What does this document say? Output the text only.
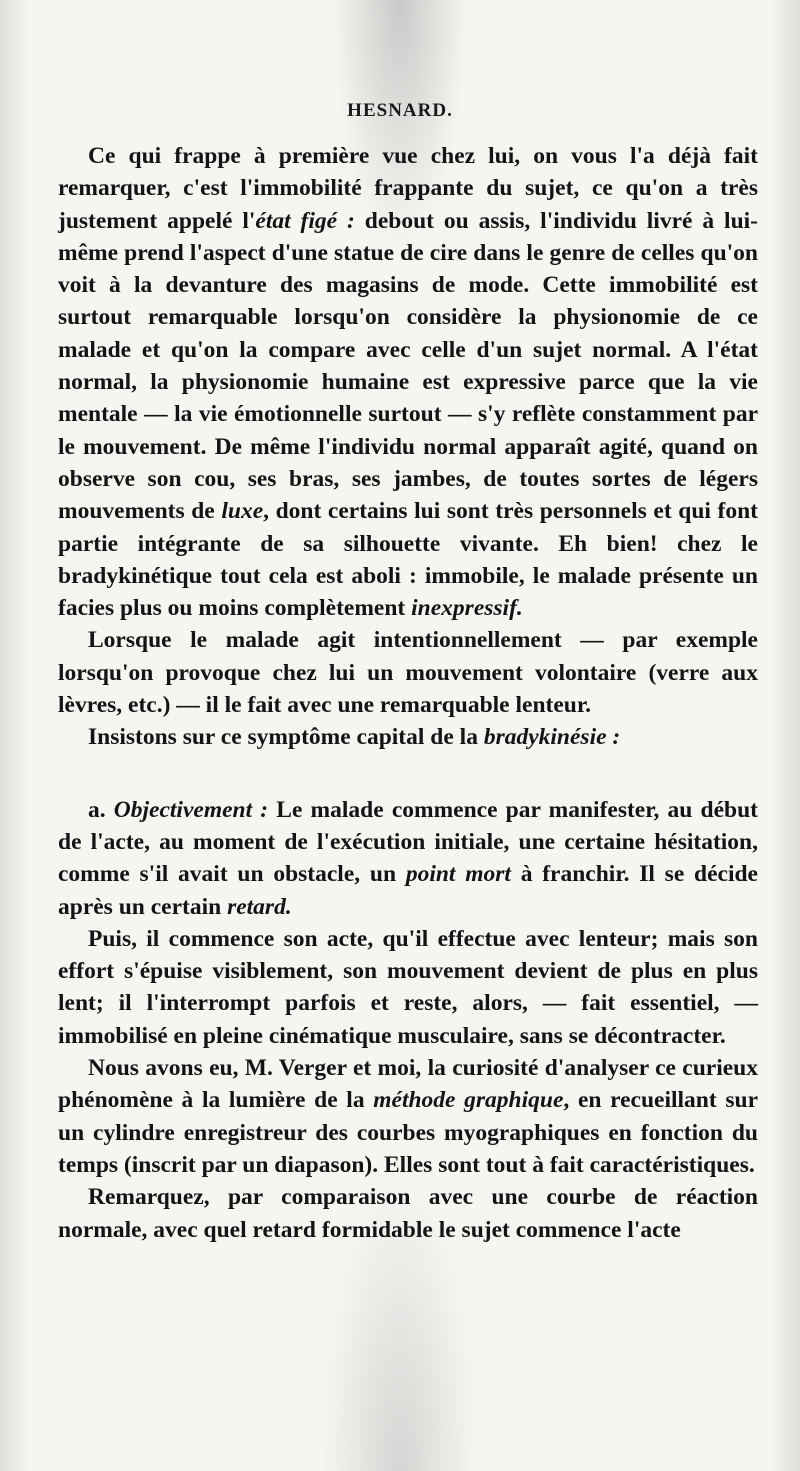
HESNARD.

Ce qui frappe à première vue chez lui, on vous l'a déjà fait remarquer, c'est l'immobilité frappante du sujet, ce qu'on a très justement appelé l'état figé : debout ou assis, l'individu livré à lui-même prend l'aspect d'une statue de cire dans le genre de celles qu'on voit à la devanture des magasins de mode. Cette immobilité est surtout remarquable lorsqu'on considère la physionomie de ce malade et qu'on la compare avec celle d'un sujet normal. A l'état normal, la physionomie humaine est expressive parce que la vie mentale — la vie émotionnelle surtout — s'y reflète constamment par le mouvement. De même l'individu normal apparaît agité, quand on observe son cou, ses bras, ses jambes, de toutes sortes de légers mouvements de luxe, dont certains lui sont très personnels et qui font partie intégrante de sa silhouette vivante. Eh bien! chez le bradykinétique tout cela est aboli : immobile, le malade présente un facies plus ou moins complètement inexpressif.

Lorsque le malade agit intentionnellement — par exemple lorsqu'on provoque chez lui un mouvement volontaire (verre aux lèvres, etc.) — il le fait avec une remarquable lenteur.

Insistons sur ce symptôme capital de la bradykinésie :

a. Objectivement : Le malade commence par manifester, au début de l'acte, au moment de l'exécution initiale, une certaine hésitation, comme s'il avait un obstacle, un point mort à franchir. Il se décide après un certain retard.

Puis, il commence son acte, qu'il effectue avec lenteur; mais son effort s'épuise visiblement, son mouvement devient de plus en plus lent; il l'interrompt parfois et reste, alors, — fait essentiel, — immobilisé en pleine cinématique musculaire, sans se décontracter.

Nous avons eu, M. Verger et moi, la curiosité d'analyser ce curieux phénomène à la lumière de la méthode graphique, en recueillant sur un cylindre enregistreur des courbes myographiques en fonction du temps (inscrit par un diapason). Elles sont tout à fait caractéristiques.

Remarquez, par comparaison avec une courbe de réaction normale, avec quel retard formidable le sujet commence l'acte
